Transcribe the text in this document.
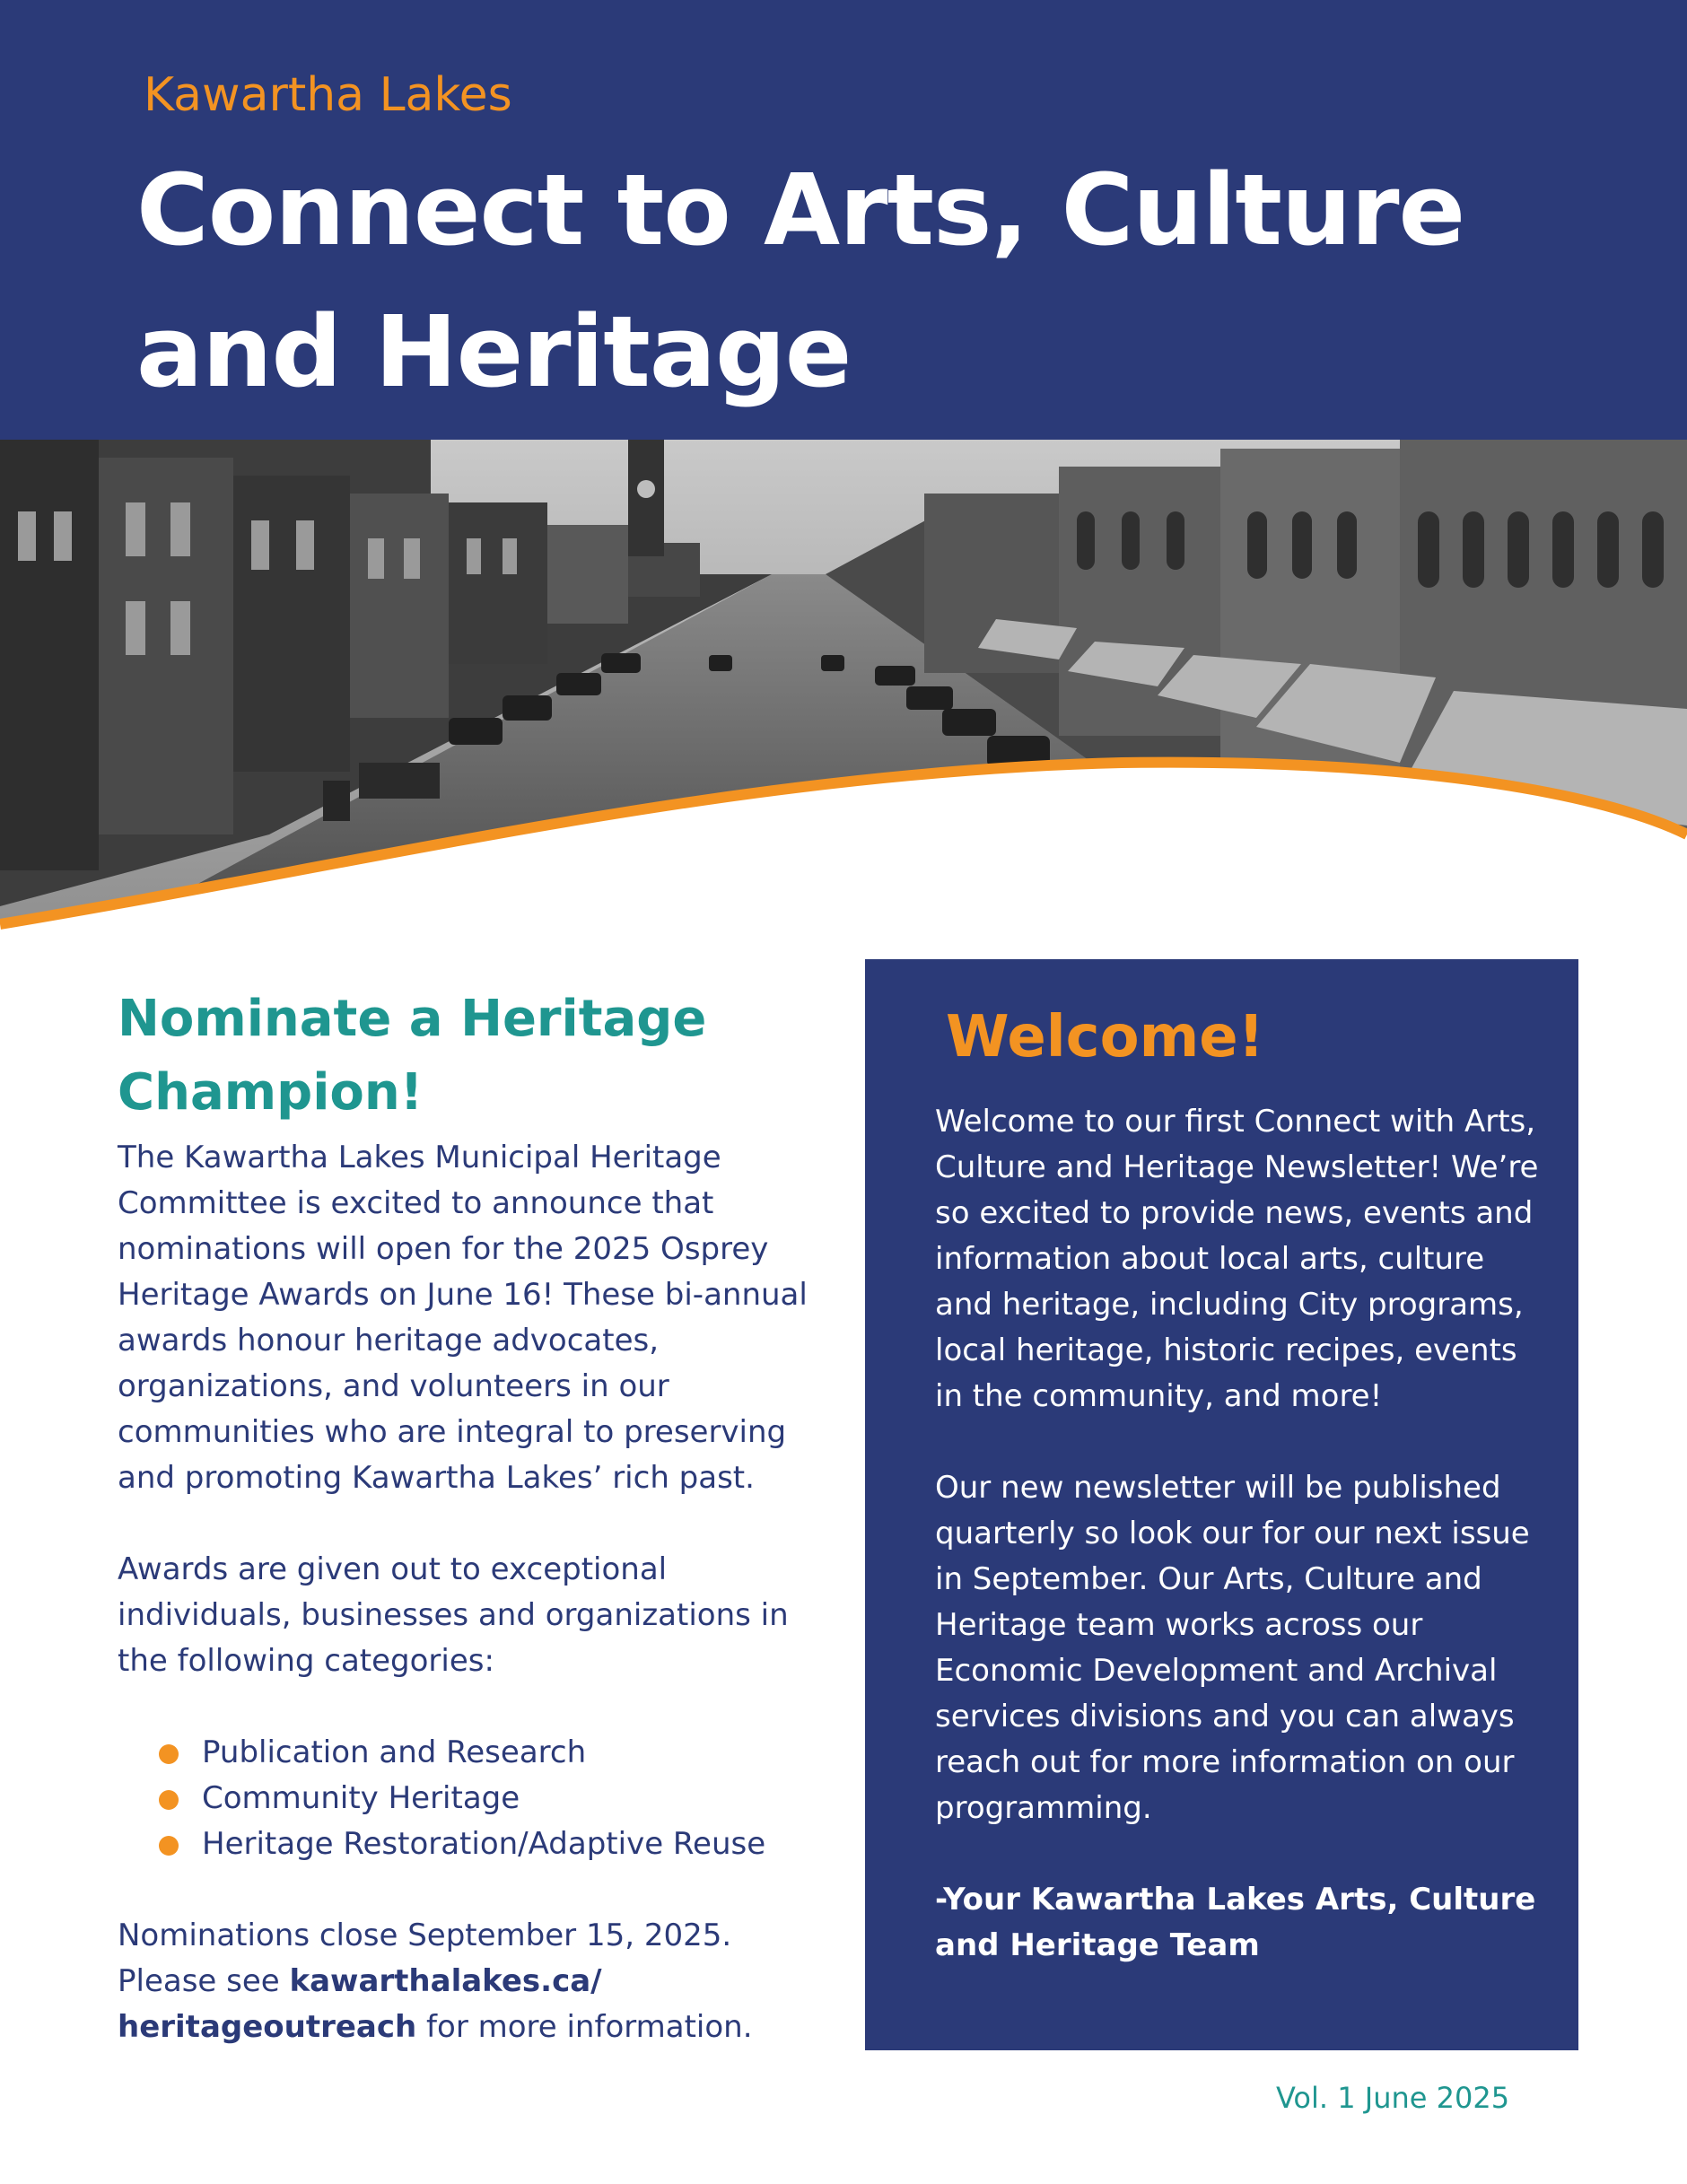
Kawartha Lakes
Connect to Arts, Culture and Heritage
Nominate a Heritage Champion!

The Kawartha Lakes Municipal Heritage Committee is excited to announce that nominations will open for the 2025 Osprey Heritage Awards on June 16! These bi-annual awards honour heritage advocates, organizations, and volunteers in our communities who are integral to preserving and promoting Kawartha Lakes’ rich past.

Awards are given out to exceptional individuals, businesses and organizations in the following categories:

Publication and Research
Community Heritage
Heritage Restoration/Adaptive Reuse

Nominations close September 15, 2025. Please see kawarthalakes.ca/ heritageoutreach for more information.

Welcome!

Welcome to our first Connect with Arts, Culture and Heritage Newsletter! We’re so excited to provide news, events and information about local arts, culture and heritage, including City programs, local heritage, historic recipes, events in the community, and more!

Our new newsletter will be published quarterly so look our for our next issue in September. Our Arts, Culture and Heritage team works across our Economic Development and Archival services divisions and you can always reach out for more information on our programming.

-Your Kawartha Lakes Arts, Culture and Heritage Team

Vol. 1 June 2025
